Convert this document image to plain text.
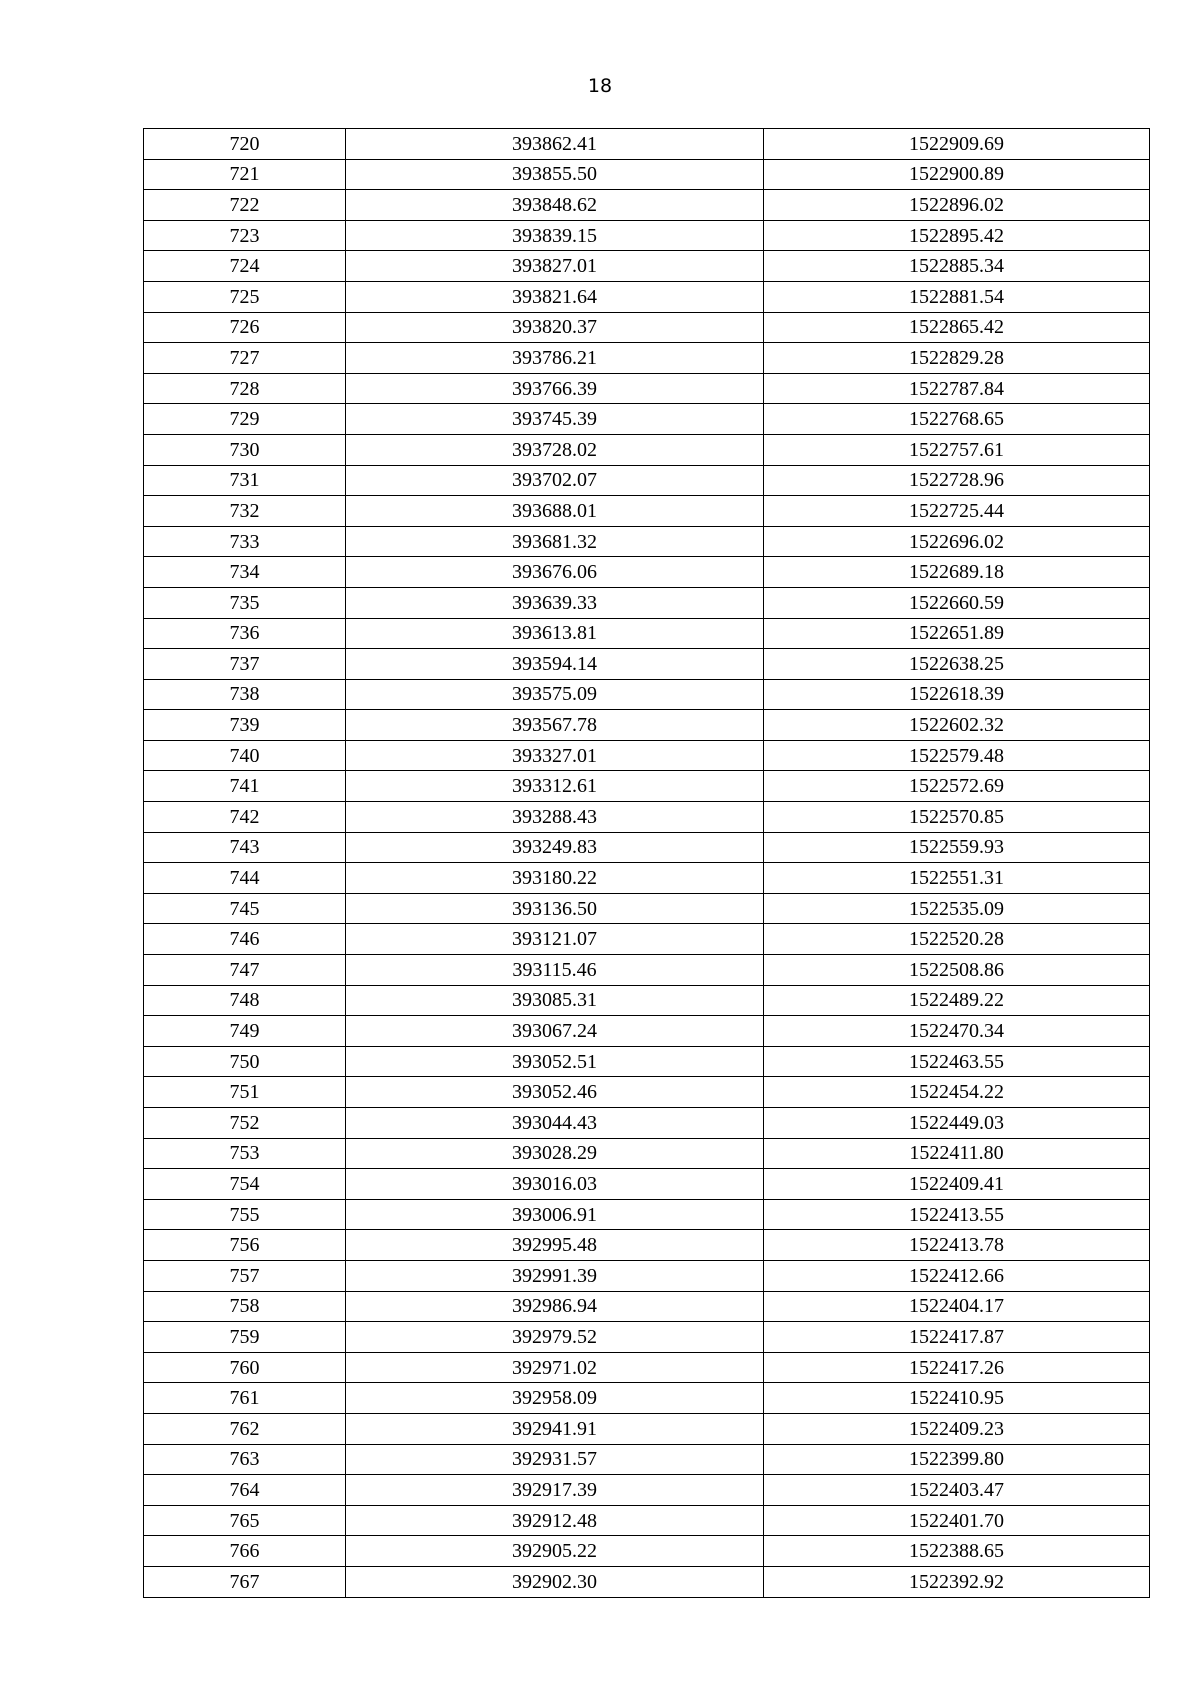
18
720	393862.41	1522909.69
721	393855.50	1522900.89
722	393848.62	1522896.02
723	393839.15	1522895.42
724	393827.01	1522885.34
725	393821.64	1522881.54
726	393820.37	1522865.42
727	393786.21	1522829.28
728	393766.39	1522787.84
729	393745.39	1522768.65
730	393728.02	1522757.61
731	393702.07	1522728.96
732	393688.01	1522725.44
733	393681.32	1522696.02
734	393676.06	1522689.18
735	393639.33	1522660.59
736	393613.81	1522651.89
737	393594.14	1522638.25
738	393575.09	1522618.39
739	393567.78	1522602.32
740	393327.01	1522579.48
741	393312.61	1522572.69
742	393288.43	1522570.85
743	393249.83	1522559.93
744	393180.22	1522551.31
745	393136.50	1522535.09
746	393121.07	1522520.28
747	393115.46	1522508.86
748	393085.31	1522489.22
749	393067.24	1522470.34
750	393052.51	1522463.55
751	393052.46	1522454.22
752	393044.43	1522449.03
753	393028.29	1522411.80
754	393016.03	1522409.41
755	393006.91	1522413.55
756	392995.48	1522413.78
757	392991.39	1522412.66
758	392986.94	1522404.17
759	392979.52	1522417.87
760	392971.02	1522417.26
761	392958.09	1522410.95
762	392941.91	1522409.23
763	392931.57	1522399.80
764	392917.39	1522403.47
765	392912.48	1522401.70
766	392905.22	1522388.65
767	392902.30	1522392.92
